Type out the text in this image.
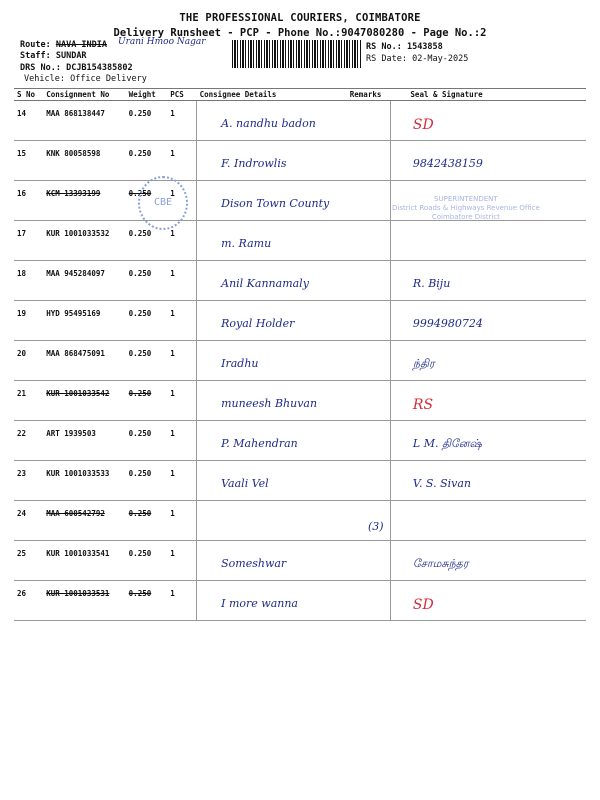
THE PROFESSIONAL COURIERS, COIMBATORE
Delivery Runsheet - PCP - Phone No.:9047080280 - Page No.:2
Route: NAVA INDIA Urani Hmoo Nagar
Staff: SUNDAR
DRS No.: DCJB154385802
Vehicle: Office Delivery
RS No.: 1543858
RS Date: 02-May-2025
S No	Consignment No	Weight	PCS	Consignee Details	Remarks	Seal & Signature
14	MAA 868138447	0.250	1	A. nandhu badon		SD

15	KNK 80058598	0.250	1	F. Indrowlis		9842438159

16	KCM 13393199	0.250	1	Dison Town County		

17	KUR 1001033532	0.250	1	m. Ramu		

18	MAA 945284097	0.250	1	Anil Kannamaly		R. Biju

19	HYD 95495169	0.250	1	Royal Holder		9994980724

20	MAA 868475091	0.250	1	Iradhu		ந்திர

21	KUR 1001033542	0.250	1	muneesh Bhuvan		RS

22	ART 1939503	0.250	1	P. Mahendran		L M. தினேஷ்

23	KUR 1001033533	0.250	1	Vaali Vel		V. S. Sivan

24	MAA 600542792	0.250	1	

25	KUR 1001033541	0.250	1	Someshwar		சோமசுந்தர

26	KUR 1001033531	0.250	1	I more wanna		SD
CBE	SUPERINTENDENT
District Roads & Highways Revenue Office
Coimbatore District
(3)
